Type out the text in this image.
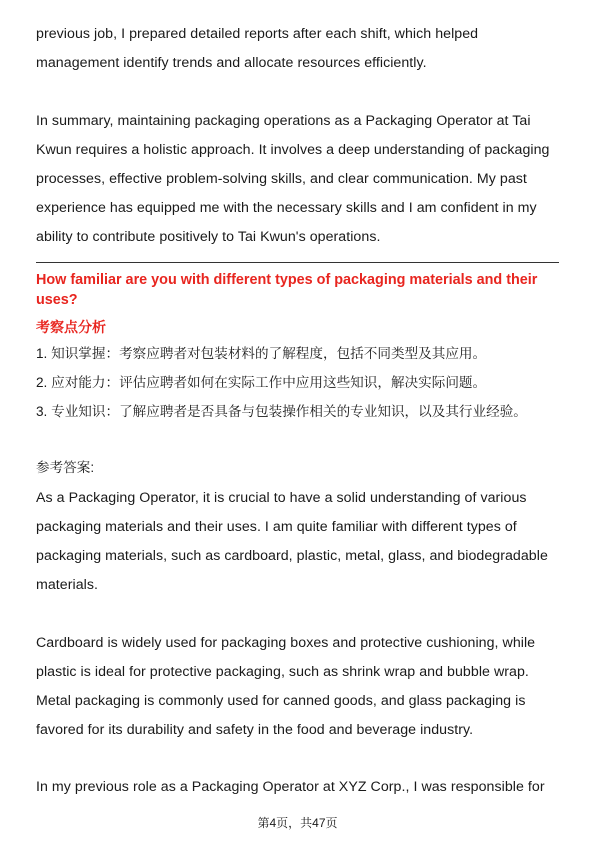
previous job, I prepared detailed reports after each shift, which helped
management identify trends and allocate resources efficiently.
In summary, maintaining packaging operations as a Packaging Operator at Tai
Kwun requires a holistic approach. It involves a deep understanding of packaging
processes, effective problem-solving skills, and clear communication. My past
experience has equipped me with the necessary skills and I am confident in my
ability to contribute positively to Tai Kwun's operations.
How familiar are you with different types of packaging materials and their
uses?
考察点分析
1. 知识掌握：考察应聘者对包装材料的了解程度，包括不同类型及其应用。
2. 应对能力：评估应聘者如何在实际工作中应用这些知识，解决实际问题。
3. 专业知识：了解应聘者是否具备与包装操作相关的专业知识，以及其行业经验。
参考答案:
As a Packaging Operator, it is crucial to have a solid understanding of various
packaging materials and their uses. I am quite familiar with different types of
packaging materials, such as cardboard, plastic, metal, glass, and biodegradable
materials.
Cardboard is widely used for packaging boxes and protective cushioning, while
plastic is ideal for protective packaging, such as shrink wrap and bubble wrap.
Metal packaging is commonly used for canned goods, and glass packaging is
favored for its durability and safety in the food and beverage industry.
In my previous role as a Packaging Operator at XYZ Corp., I was responsible for
第4页，共47页
